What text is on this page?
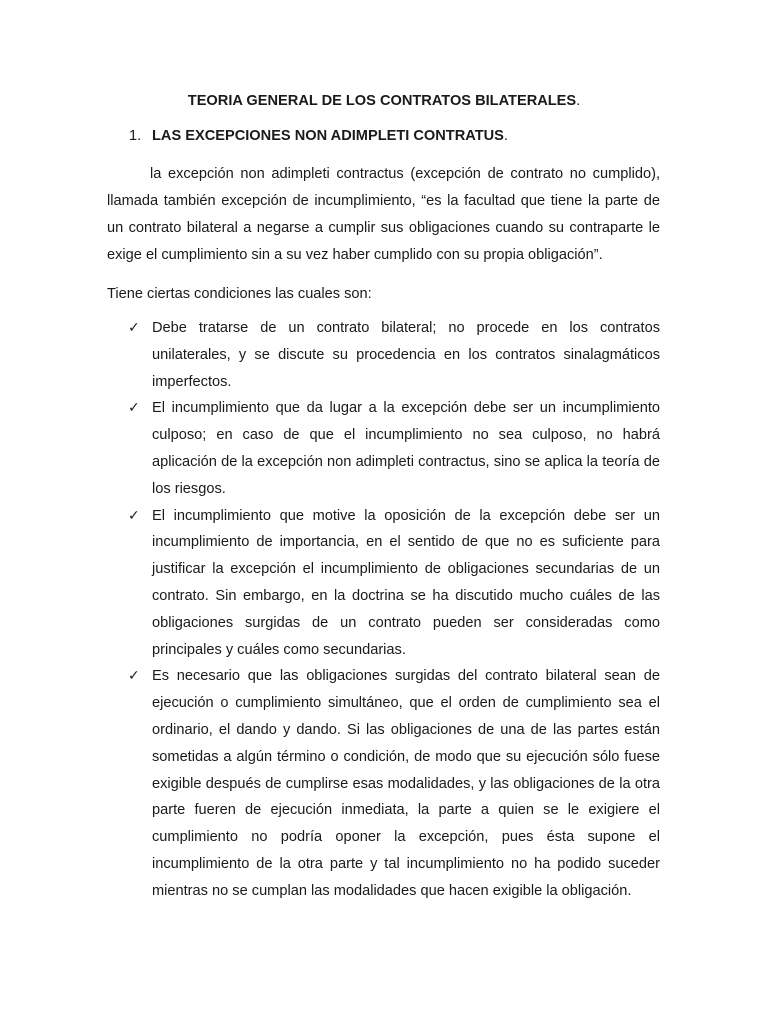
TEORIA GENERAL DE LOS CONTRATOS BILATERALES.
1. LAS EXCEPCIONES NON ADIMPLETI CONTRATUS.

la excepción non adimpleti contractus (excepción de contrato no cumplido), llamada también excepción de incumplimiento, “es la facultad que tiene la parte de un contrato bilateral a negarse a cumplir sus obligaciones cuando su contraparte le exige el cumplimiento sin a su vez haber cumplido con su propia obligación”.

Tiene ciertas condiciones las cuales son:

✓ Debe tratarse de un contrato bilateral; no procede en los contratos unilaterales, y se discute su procedencia en los contratos sinalagmáticos imperfectos.
✓ El incumplimiento que da lugar a la excepción debe ser un incumplimiento culposo; en caso de que el incumplimiento no sea culposo, no habrá aplicación de la excepción non adimpleti contractus, sino se aplica la teoría de los riesgos.
✓ El incumplimiento que motive la oposición de la excepción debe ser un incumplimiento de importancia, en el sentido de que no es suficiente para justificar la excepción el incumplimiento de obligaciones secundarias de un contrato. Sin embargo, en la doctrina se ha discutido mucho cuáles de las obligaciones surgidas de un contrato pueden ser consideradas como principales y cuáles como secundarias.
✓ Es necesario que las obligaciones surgidas del contrato bilateral sean de ejecución o cumplimiento simultáneo, que el orden de cumplimiento sea el ordinario, el dando y dando. Si las obligaciones de una de las partes están sometidas a algún término o condición, de modo que su ejecución sólo fuese exigible después de cumplirse esas modalidades, y las obligaciones de la otra parte fueren de ejecución inmediata, la parte a quien se le exigiere el cumplimiento no podría oponer la excepción, pues ésta supone el incumplimiento de la otra parte y tal incumplimiento no ha podido suceder mientras no se cumplan las modalidades que hacen exigible la obligación.
